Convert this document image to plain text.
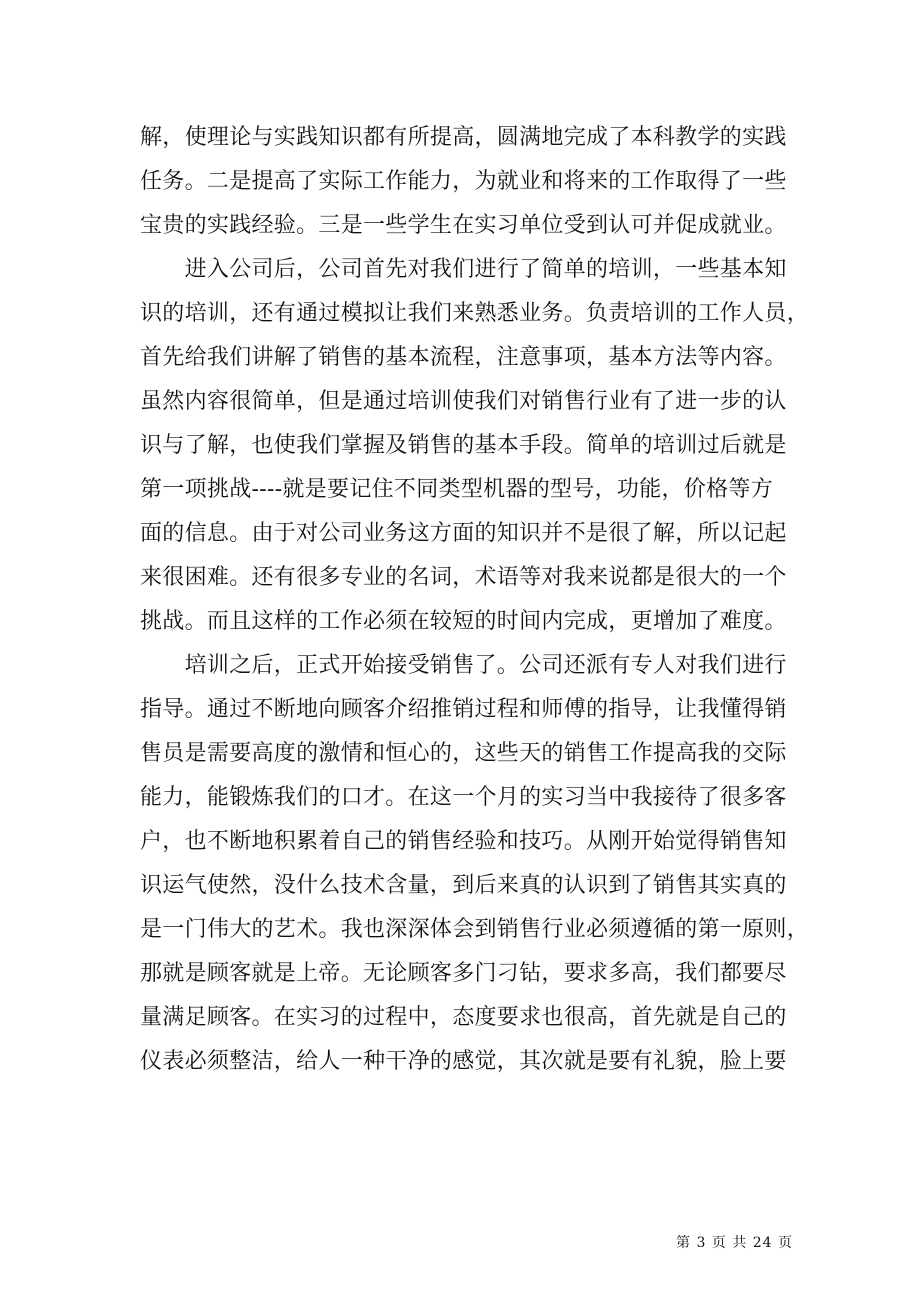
解，使理论与实践知识都有所提高，圆满地完成了本科教学的实践
任务。二是提高了实际工作能力，为就业和将来的工作取得了一些
宝贵的实践经验。三是一些学生在实习单位受到认可并促成就业。
　　进入公司后，公司首先对我们进行了简单的培训，一些基本知
识的培训，还有通过模拟让我们来熟悉业务。负责培训的工作人员，
首先给我们讲解了销售的基本流程，注意事项，基本方法等内容。
虽然内容很简单，但是通过培训使我们对销售行业有了进一步的认
识与了解，也使我们掌握及销售的基本手段。简单的培训过后就是
第一项挑战----就是要记住不同类型机器的型号，功能，价格等方
面的信息。由于对公司业务这方面的知识并不是很了解，所以记起
来很困难。还有很多专业的名词，术语等对我来说都是很大的一个
挑战。而且这样的工作必须在较短的时间内完成，更增加了难度。
　　培训之后，正式开始接受销售了。公司还派有专人对我们进行
指导。通过不断地向顾客介绍推销过程和师傅的指导，让我懂得销
售员是需要高度的激情和恒心的，这些天的销售工作提高我的交际
能力，能锻炼我们的口才。在这一个月的实习当中我接待了很多客
户，也不断地积累着自己的销售经验和技巧。从刚开始觉得销售知
识运气使然，没什么技术含量，到后来真的认识到了销售其实真的
是一门伟大的艺术。我也深深体会到销售行业必须遵循的第一原则，
那就是顾客就是上帝。无论顾客多门刁钻，要求多高，我们都要尽
量满足顾客。在实习的过程中，态度要求也很高，首先就是自己的
仪表必须整洁，给人一种干净的感觉，其次就是要有礼貌，脸上要
第 3 页 共 24 页
